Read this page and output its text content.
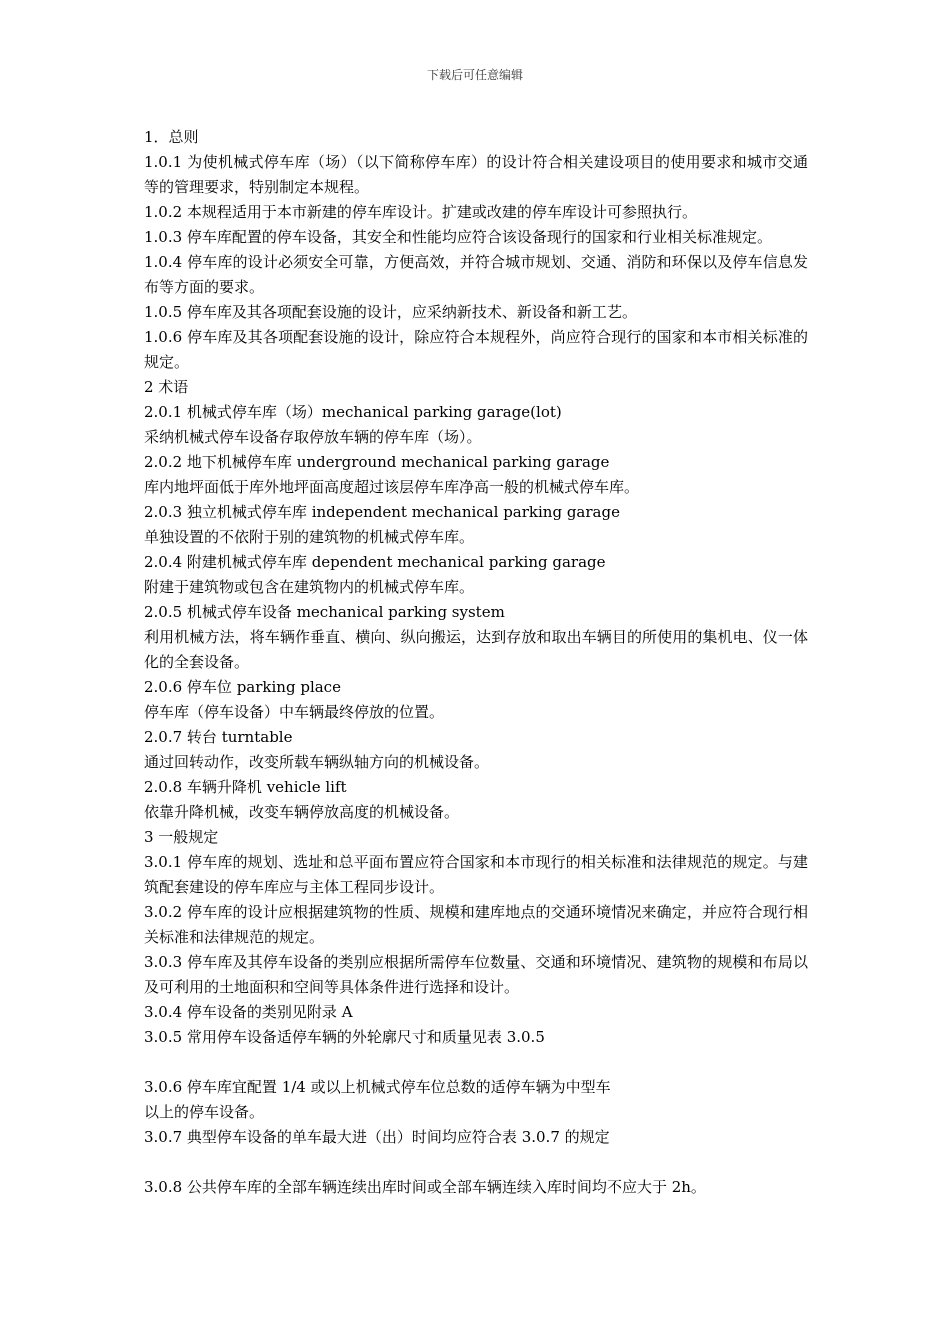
下载后可任意编辑

1．总则

1.0.1 为使机械式停车库（场）（以下简称停车库）的设计符合相关建设项目的使用要求和城市交通等的管理要求，特别制定本规程。

1.0.2 本规程适用于本市新建的停车库设计。扩建或改建的停车库设计可参照执行。

1.0.3 停车库配置的停车设备，其安全和性能均应符合该设备现行的国家和行业相关标准规定。

1.0.4 停车库的设计必须安全可靠，方便高效，并符合城市规划、交通、消防和环保以及停车信息发布等方面的要求。

1.0.5 停车库及其各项配套设施的设计，应采纳新技术、新设备和新工艺。

1.0.6 停车库及其各项配套设施的设计，除应符合本规程外，尚应符合现行的国家和本市相关标准的规定。

2 术语

2.0.1 机械式停车库（场）mechanical parking garage(lot)

采纳机械式停车设备存取停放车辆的停车库（场）。

2.0.2 地下机械停车库 underground mechanical parking garage

库内地坪面低于库外地坪面高度超过该层停车库净高一般的机械式停车库。

2.0.3 独立机械式停车库 independent mechanical parking garage

单独设置的不依附于别的建筑物的机械式停车库。

2.0.4 附建机械式停车库 dependent mechanical parking garage

附建于建筑物或包含在建筑物内的机械式停车库。

2.0.5 机械式停车设备 mechanical parking system

利用机械方法，将车辆作垂直、横向、纵向搬运，达到存放和取出车辆目的所使用的集机电、仪一体化的全套设备。

2.0.6 停车位 parking place

停车库（停车设备）中车辆最终停放的位置。

2.0.7 转台 turntable

通过回转动作，改变所载车辆纵轴方向的机械设备。

2.0.8 车辆升降机 vehicle lift

依靠升降机械，改变车辆停放高度的机械设备。

3 一般规定

3.0.1 停车库的规划、选址和总平面布置应符合国家和本市现行的相关标准和法律规范的规定。与建筑配套建设的停车库应与主体工程同步设计。

3.0.2 停车库的设计应根据建筑物的性质、规模和建库地点的交通环境情况来确定，并应符合现行相关标准和法律规范的规定。

3.0.3 停车库及其停车设备的类别应根据所需停车位数量、交通和环境情况、建筑物的规模和布局以及可利用的土地面积和空间等具体条件进行选择和设计。

3.0.4 停车设备的类别见附录 A

3.0.5 常用停车设备适停车辆的外轮廓尺寸和质量见表 3.0.5

3.0.6 停车库宜配置 1/4 或以上机械式停车位总数的适停车辆为中型车

以上的停车设备。

3.0.7 典型停车设备的单车最大进（出）时间均应符合表 3.0.7 的规定

3.0.8 公共停车库的全部车辆连续出库时间或全部车辆连续入库时间均不应大于 2h。
